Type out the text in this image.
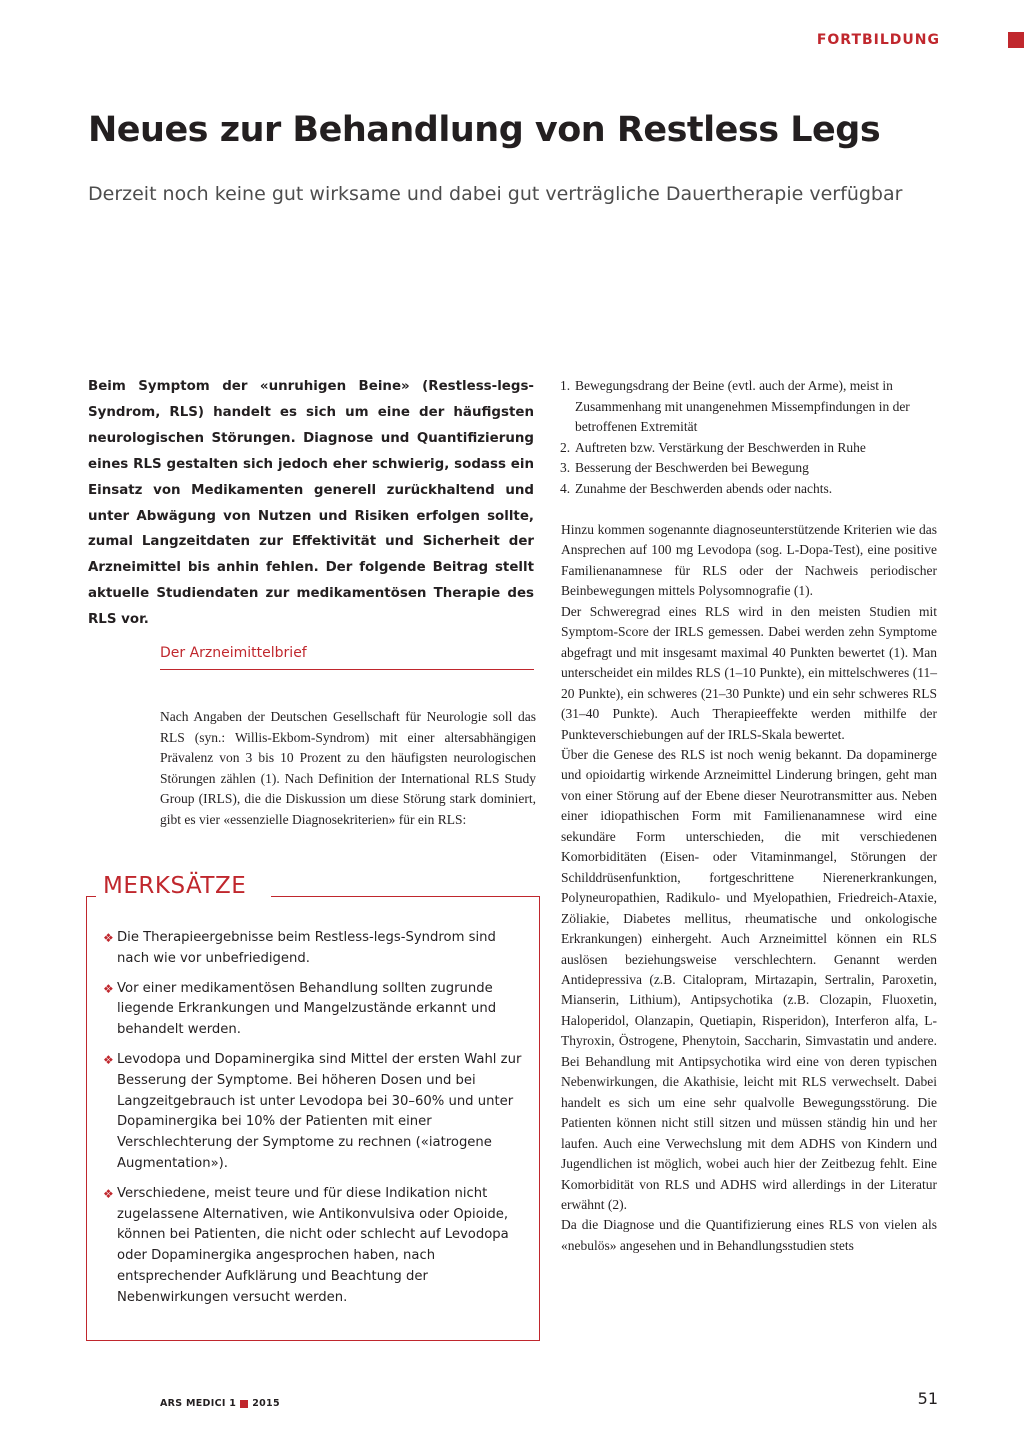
FORTBILDUNG
Neues zur Behandlung von Restless Legs
Derzeit noch keine gut wirksame und dabei gut verträgliche Dauertherapie verfügbar

Beim Symptom der «unruhigen Beine» (Restless-legs-Syndrom, RLS) handelt es sich um eine der häufigsten neurologischen Störungen. Diagnose und Quantifizierung eines RLS gestalten sich jedoch eher schwierig, sodass ein Einsatz von Medikamenten generell zurückhaltend und unter Abwägung von Nutzen und Risiken erfolgen sollte, zumal Langzeitdaten zur Effektivität und Sicherheit der Arzneimittel bis anhin fehlen. Der folgende Beitrag stellt aktuelle Studiendaten zur medikamentösen Therapie des RLS vor.

Der Arzneimittelbrief

Nach Angaben der Deutschen Gesellschaft für Neurologie soll das RLS (syn.: Willis-Ekbom-Syndrom) mit einer altersabhängigen Prävalenz von 3 bis 10 Prozent zu den häufigsten neurologischen Störungen zählen (1). Nach Definition der International RLS Study Group (IRLS), die die Diskussion um diese Störung stark dominiert, gibt es vier «essenzielle Diagnosekriterien» für ein RLS:

MERKSÄTZE
❖ Die Therapieergebnisse beim Restless-legs-Syndrom sind nach wie vor unbefriedigend.
❖ Vor einer medikamentösen Behandlung sollten zugrunde liegende Erkrankungen und Mangelzustände erkannt und behandelt werden.
❖ Levodopa und Dopaminergika sind Mittel der ersten Wahl zur Besserung der Symptome. Bei höheren Dosen und bei Langzeitgebrauch ist unter Levodopa bei 30–60% und unter Dopaminergika bei 10% der Patienten mit einer Verschlechterung der Symptome zu rechnen («iatrogene Augmentation»).
❖ Verschiedene, meist teure und für diese Indikation nicht zugelassene Alternativen, wie Antikonvulsiva oder Opioide, können bei Patienten, die nicht oder schlecht auf Levodopa oder Dopaminergika angesprochen haben, nach entsprechender Aufklärung und Beachtung der Nebenwirkungen versucht werden.
1. Bewegungsdrang der Beine (evtl. auch der Arme), meist in Zusammenhang mit unangenehmen Missempfindungen in der betroffenen Extremität
2. Auftreten bzw. Verstärkung der Beschwerden in Ruhe
3. Besserung der Beschwerden bei Bewegung
4. Zunahme der Beschwerden abends oder nachts.

Hinzu kommen sogenannte diagnoseunterstützende Kriterien wie das Ansprechen auf 100 mg Levodopa (sog. L-Dopa-Test), eine positive Familienanamnese für RLS oder der Nachweis periodischer Beinbewegungen mittels Polysomnografie (1).

Der Schweregrad eines RLS wird in den meisten Studien mit Symptom-Score der IRLS gemessen. Dabei werden zehn Symptome abgefragt und mit insgesamt maximal 40 Punkten bewertet (1). Man unterscheidet ein mildes RLS (1–10 Punkte), ein mittelschweres (11–20 Punkte), ein schweres (21–30 Punkte) und ein sehr schweres RLS (31–40 Punkte). Auch Therapieeffekte werden mithilfe der Punkteverschiebungen auf der IRLS-Skala bewertet.

Über die Genese des RLS ist noch wenig bekannt. Da dopaminerge und opioidartig wirkende Arzneimittel Linderung bringen, geht man von einer Störung auf der Ebene dieser Neurotransmitter aus. Neben einer idiopathischen Form mit Familienanamnese wird eine sekundäre Form unterschieden, die mit verschiedenen Komorbiditäten (Eisen- oder Vitaminmangel, Störungen der Schilddrüsenfunktion, fortgeschrittene Nierenerkrankungen, Polyneuropathien, Radikulo- und Myelopathien, Friedreich-Ataxie, Zöliakie, Diabetes mellitus, rheumatische und onkologische Erkrankungen) einhergeht. Auch Arzneimittel können ein RLS auslösen beziehungsweise verschlechtern. Genannt werden Antidepressiva (z.B. Citalopram, Mirtazapin, Sertralin, Paroxetin, Mianserin, Lithium), Antipsychotika (z.B. Clozapin, Fluoxetin, Haloperidol, Olanzapin, Quetiapin, Risperidon), Interferon alfa, L-Thyroxin, Östrogene, Phenytoin, Saccharin, Simvastatin und andere. Bei Behandlung mit Antipsychotika wird eine von deren typischen Nebenwirkungen, die Akathisie, leicht mit RLS verwechselt. Dabei handelt es sich um eine sehr qualvolle Bewegungsstörung. Die Patienten können nicht still sitzen und müssen ständig hin und her laufen. Auch eine Verwechslung mit dem ADHS von Kindern und Jugendlichen ist möglich, wobei auch hier der Zeitbezug fehlt. Eine Komorbidität von RLS und ADHS wird allerdings in der Literatur erwähnt (2).

Da die Diagnose und die Quantifizierung eines RLS von vielen als «nebulös» angesehen und in Behandlungsstudien stets

ARS MEDICI 1 2015	51
